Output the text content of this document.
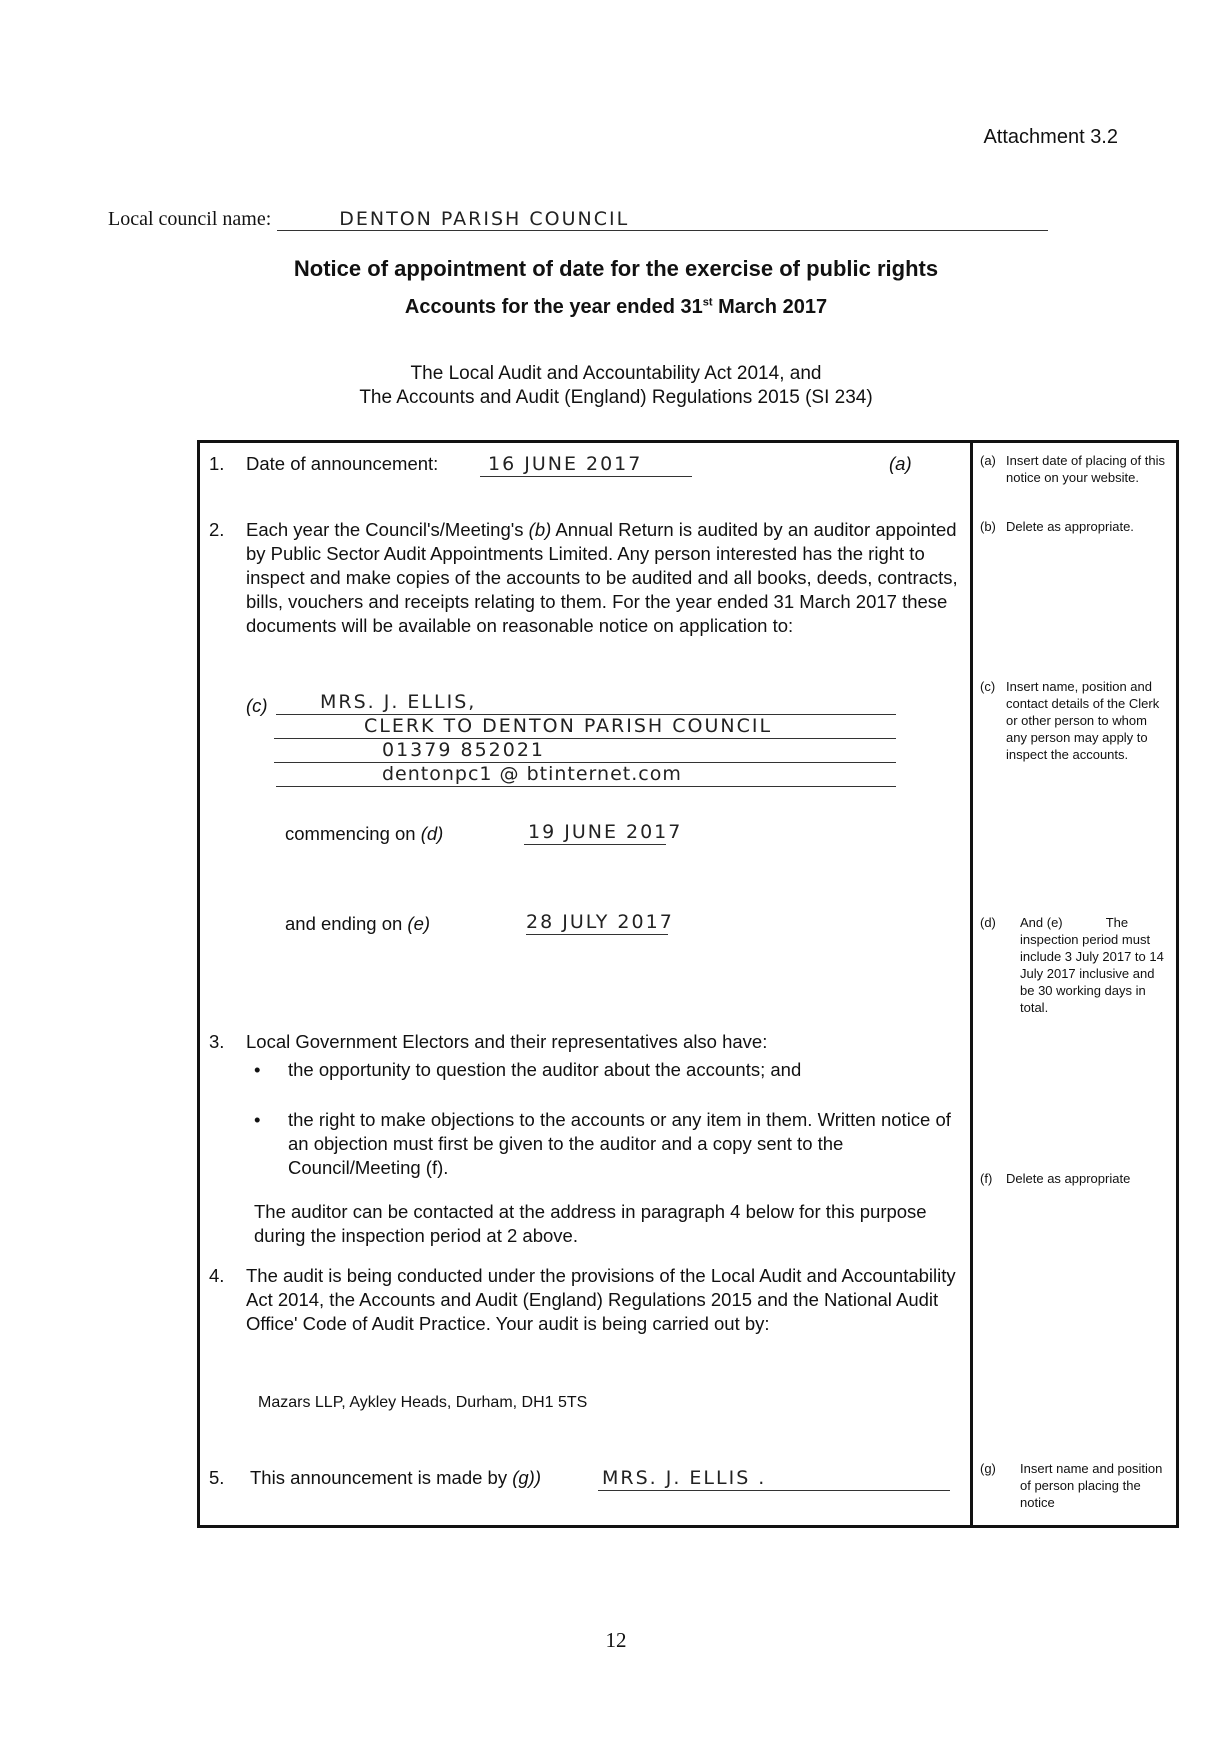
Attachment 3.2
Local council name:	DENTON PARISH COUNCIL
Notice of appointment of date for the exercise of public rights
Accounts for the year ended 31st March 2017
The Local Audit and Accountability Act 2014, and
The Accounts and Audit (England) Regulations 2015 (SI 234)
1. Date of announcement:	16 JUNE 2017	(a)
2. Each year the Council's/Meeting's (b) Annual Return is audited by an auditor appointed by Public Sector Audit Appointments Limited. Any person interested has the right to inspect and make copies of the accounts to be audited and all books, deeds, contracts, bills, vouchers and receipts relating to them. For the year ended 31 March 2017 these documents will be available on reasonable notice on application to:
(c)	MRS. J. ELLIS,
CLERK TO DENTON PARISH COUNCIL
01379 852021
dentonpc1 @ btinternet.com
commencing on (d)	19 JUNE 2017
and ending on (e)	28 JULY 2017
3. Local Government Electors and their representatives also have:
• the opportunity to question the auditor about the accounts; and
• the right to make objections to the accounts or any item in them. Written notice of an objection must first be given to the auditor and a copy sent to the Council/Meeting (f).
The auditor can be contacted at the address in paragraph 4 below for this purpose during the inspection period at 2 above.
4. The audit is being conducted under the provisions of the Local Audit and Accountability Act 2014, the Accounts and Audit (England) Regulations 2015 and the National Audit Office' Code of Audit Practice. Your audit is being carried out by:
Mazars LLP, Aykley Heads, Durham, DH1 5TS
5. This announcement is made by (g))	MRS. J. ELLIS .
(a) Insert date of placing of this notice on your website.
(b) Delete as appropriate.
(c) Insert name, position and contact details of the Clerk or other person to whom any person may apply to inspect the accounts.
(d) And (e)            The inspection period must include 3 July 2017 to 14 July 2017 inclusive and be 30 working days in total.
(f) Delete as appropriate
(g) Insert name and position of person placing the notice
12
